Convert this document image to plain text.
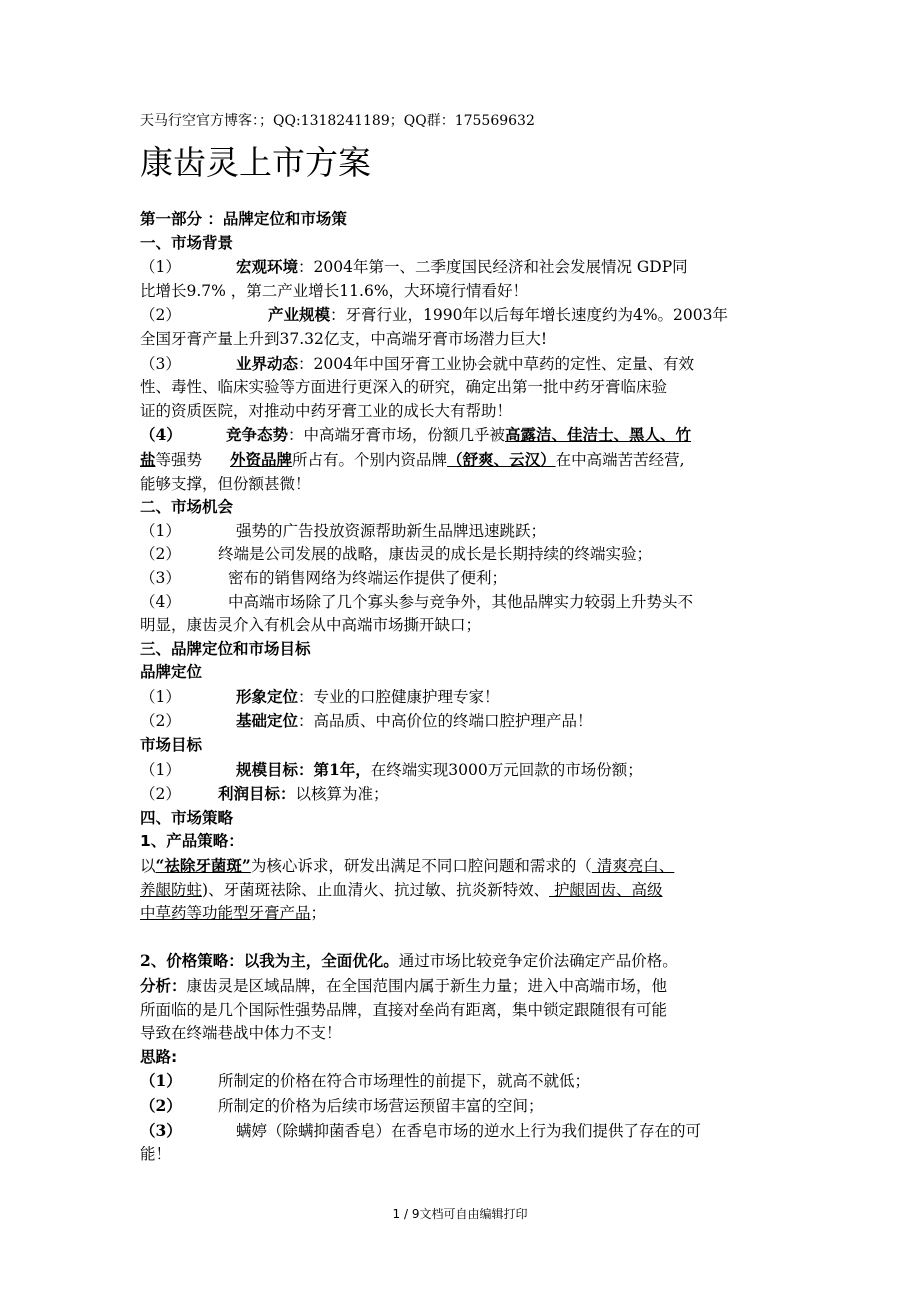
天马行空官方博客：；QQ:1318241189；QQ群：175569632

康齿灵上市方案

第一部分 ：品牌定位和市场策

一、市场背景

（1）	宏观环境：2004年第一、二季度国民经济和社会发展情况 GDP同

比增长9.7% ，第二产业增长11.6%，大环境行情看好！

（2）	产业规模：牙膏行业，1990年以后每年增长速度约为4%。2003年

全国牙膏产量上升到37.32亿支，中高端牙膏市场潜力巨大!

（3）	业界动态：2004年中国牙膏工业协会就中草药的定性、定量、有效

性、毒性、临床实验等方面进行更深入的研究，确定出第一批中药牙膏临床验

证的资质医院，对推动中药牙膏工业的成长大有帮助！

（4）	竞争态势：中高端牙膏市场，份额几乎被高露洁、佳洁士、黑人、竹

盐等强势 外资品牌所占有。个别内资品牌（舒爽、云汉）在中高端苦苦经营,

能够支撑，但份额甚微！

二、市场机会

（1）	强势的广告投放资源帮助新生品牌迅速跳跃；

（2） 终端是公司发展的战略，康齿灵的成长是长期持续的终端实验；

（3）	密布的销售网络为终端运作提供了便利；

（4）	中高端市场除了几个寡头参与竞争外，其他品牌实力较弱上升势头不

明显，康齿灵介入有机会从中高端市场撕开缺口；

三、品牌定位和市场目标

品牌定位

（1）	形象定位：专业的口腔健康护理专家！

（2）	基础定位：高品质、中高价位的终端口腔护理产品！

市场目标

（1）	规模目标：第1年，在终端实现3000万元回款的市场份额；

（2） 利润目标：以核算为准；

四、市场策略

1、产品策略：

以“祛除牙菌斑”为核心诉求，研发出满足不同口腔问题和需求的（ 清爽亮白、

养龈防蛀)、牙菌斑祛除、止血清火、抗过敏、抗炎新特效、 护龈固齿、高级

中草药等功能型牙膏产品；

2、价格策略：以我为主，全面优化。通过市场比较竞争定价法确定产品价格。

分析：康齿灵是区域品牌，在全国范围内属于新生力量；进入中高端市场，他

所面临的是几个国际性强势品牌，直接对垒尚有距离，集中锁定跟随很有可能

导致在终端巷战中体力不支！

思路:

（1） 所制定的价格在符合市场理性的前提下，就高不就低；

（2） 所制定的价格为后续市场营运预留丰富的空间；

（3）	螨婷（除螨抑菌香皂）在香皂市场的逆水上行为我们提供了存在的可

能！

1 / 9文档可自由编辑打印
